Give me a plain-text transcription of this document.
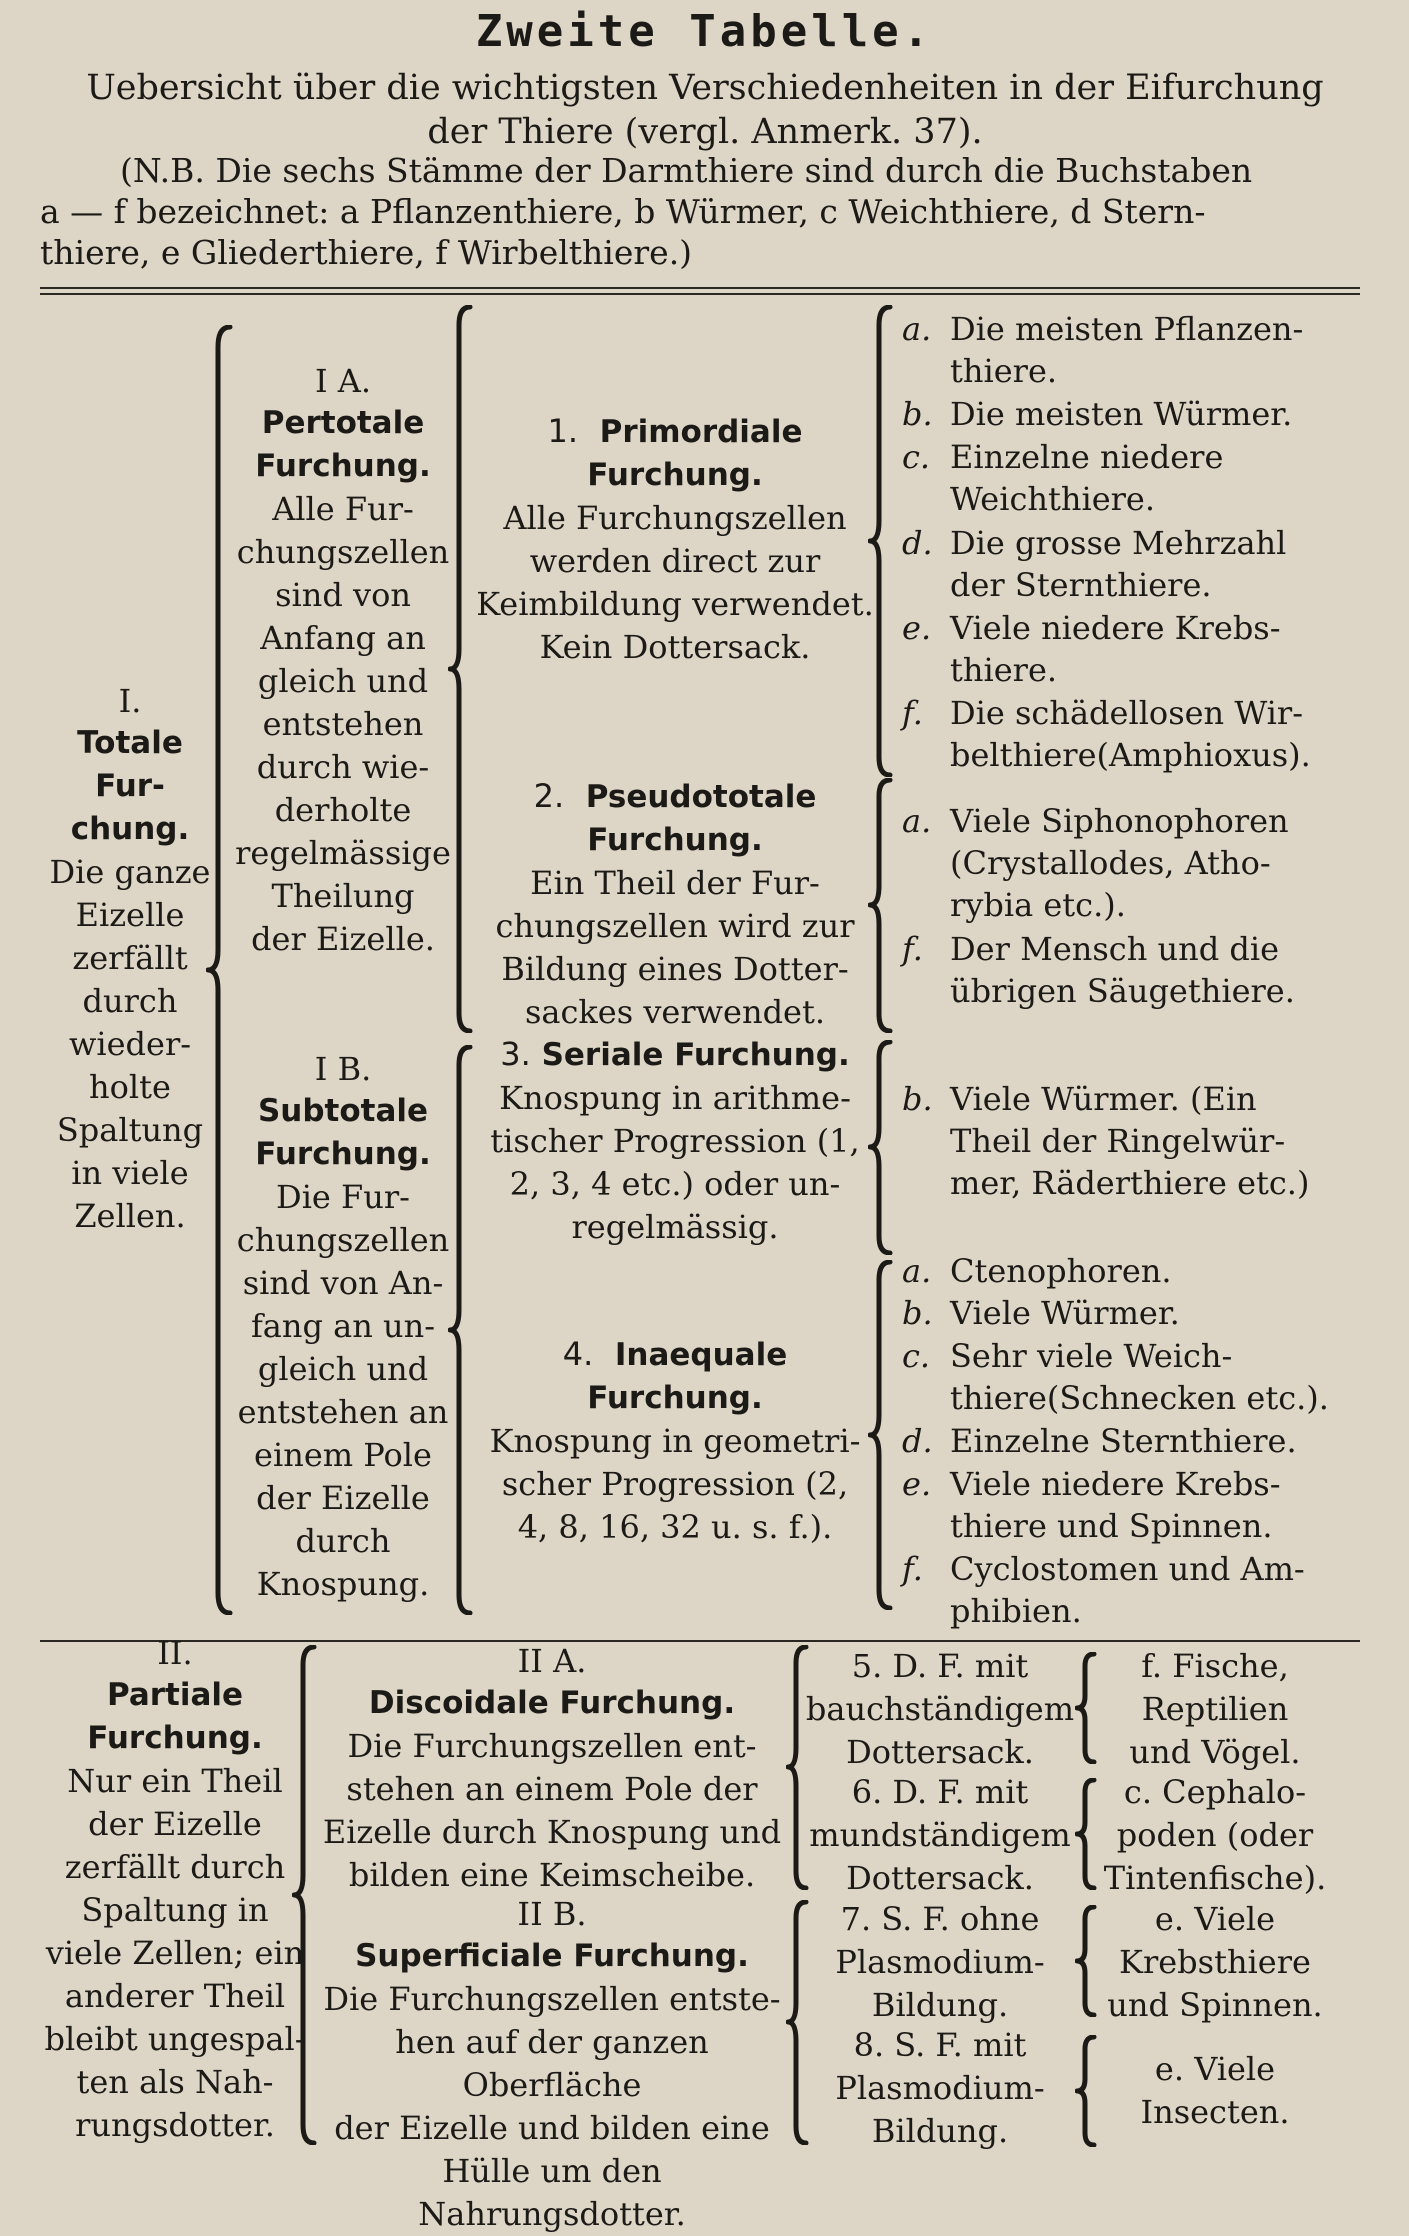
Zweite Tabelle.
Uebersicht über die wichtigsten Verschiedenheiten in der Eifurchung
der Thiere (vergl. Anmerk. 37).
(N.B. Die sechs Stämme der Darmthiere sind durch die Buchstaben
a — f bezeichnet: a Pflanzenthiere, b Würmer, c Weichthiere, d Stern-
thiere, e Gliederthiere, f Wirbelthiere.)
I.
Totale
Fur-
chung.
Die ganze
Eizelle
zerfällt
durch
wieder-
holte
Spaltung
in viele
Zellen.
I A.
Pertotale
Furchung.
Alle Fur-
chungszellen
sind von
Anfang an
gleich und
entstehen
durch wie-
derholte
regelmässige
Theilung
der Eizelle.
I B.
Subtotale
Furchung.
Die Fur-
chungszellen
sind von An-
fang an un-
gleich und
entstehen an
einem Pole
der Eizelle
durch
Knospung.
1. Primordiale
Furchung.
Alle Furchungszellen
werden direct zur
Keimbildung verwendet.
Kein Dottersack.
2. Pseudototale
Furchung.
Ein Theil der Fur-
chungszellen wird zur
Bildung eines Dotter-
sackes verwendet.
3. Seriale Furchung.
Knospung in arithme-
tischer Progression (1,
2, 3, 4 etc.) oder un-
regelmässig.
4. Inaequale
Furchung.
Knospung in geometri-
scher Progression (2,
4, 8, 16, 32 u. s. f.).
a. Die meisten Pflanzen-
thiere.
b. Die meisten Würmer.
c. Einzelne niedere
Weichthiere.
d. Die grosse Mehrzahl
der Sternthiere.
e. Viele niedere Krebs-
thiere.
f. Die schädellosen Wir-
belthiere(Amphioxus).
a. Viele Siphonophoren
(Crystallodes, Atho-
rybia etc.).
f. Der Mensch und die
übrigen Säugethiere.
b. Viele Würmer. (Ein
Theil der Ringelwür-
mer, Räderthiere etc.)
a. Ctenophoren.
b. Viele Würmer.
c. Sehr viele Weich-
thiere(Schnecken etc.).
d. Einzelne Sternthiere.
e. Viele niedere Krebs-
thiere und Spinnen.
f. Cyclostomen und Am-
phibien.
II.
Partiale
Furchung.
Nur ein Theil
der Eizelle
zerfällt durch
Spaltung in
viele Zellen; ein
anderer Theil
bleibt ungespal-
ten als Nah-
rungsdotter.
II A.
Discoidale Furchung.
Die Furchungszellen ent-
stehen an einem Pole der
Eizelle durch Knospung und
bilden eine Keimscheibe.
II B.
Superficiale Furchung.
Die Furchungszellen entste-
hen auf der ganzen Oberfläche
der Eizelle und bilden eine
Hülle um den Nahrungsdotter.
5. D. F. mit
bauchständigem
Dottersack.
6. D. F. mit
mundständigem
Dottersack.
7. S. F. ohne
Plasmodium-
Bildung.
8. S. F. mit
Plasmodium-
Bildung.
f. Fische,
Reptilien
und Vögel.
c. Cephalo-
poden (oder
Tintenfische).
e. Viele
Krebsthiere
und Spinnen.
e. Viele
Insecten.
